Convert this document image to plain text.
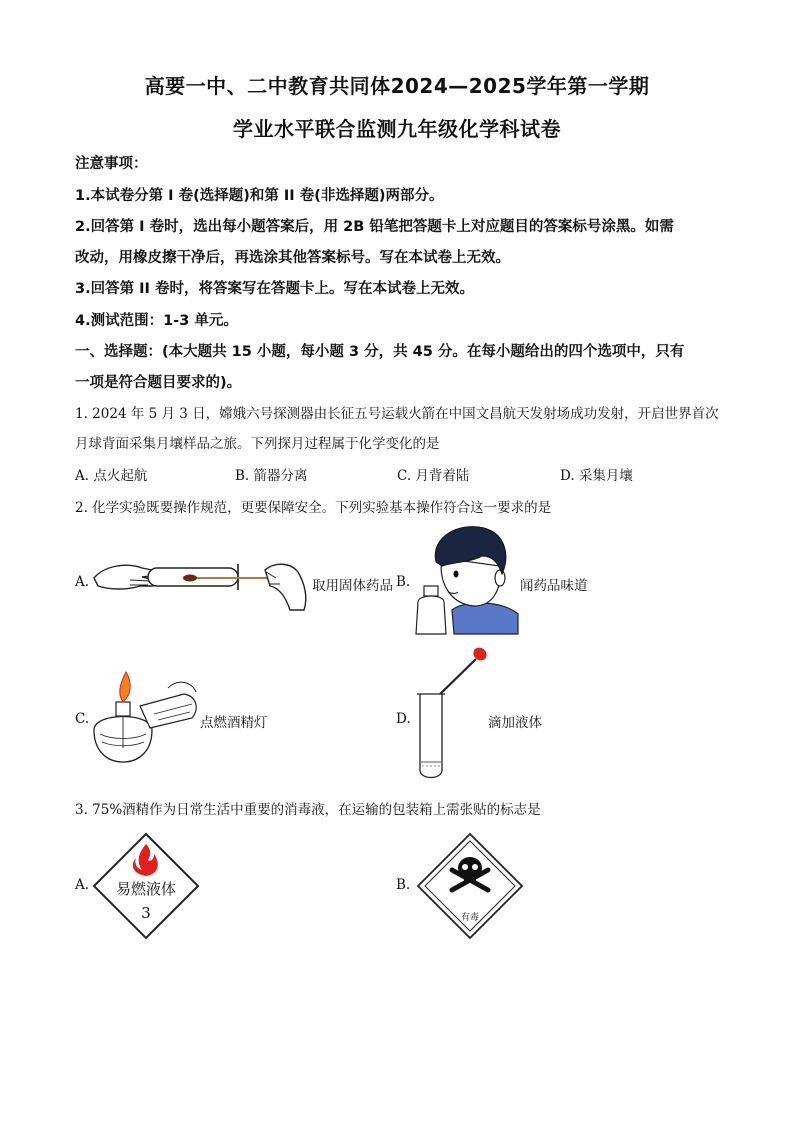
高要一中、二中教育共同体2024—2025学年第一学期
学业水平联合监测九年级化学科试卷
注意事项：
1.本试卷分第 I 卷(选择题)和第 II 卷(非选择题)两部分。
2.回答第 I 卷时，选出每小题答案后，用 2B 铅笔把答题卡上对应题目的答案标号涂黑。如需
改动，用橡皮擦干净后，再选涂其他答案标号。写在本试卷上无效。
3.回答第 II 卷时，将答案写在答题卡上。写在本试卷上无效。
4.测试范围：1-3 单元。
一、选择题：(本大题共 15 小题，每小题 3 分，共 45 分。在每小题给出的四个选项中，只有
一项是符合题目要求的)。
1. 2024 年 5 月 3 日，嫦娥六号探测器由长征五号运载火箭在中国文昌航天发射场成功发射，开启世界首次
月球背面采集月壤样品之旅。下列探月过程属于化学变化的是
A. 点火起航	B. 箭器分离	C. 月背着陆	D. 采集月壤
2. 化学实验既要操作规范，更要保障安全。下列实验基本操作符合这一要求的是
A.	取用固体药品 B.	闻药品味道
C.	点燃酒精灯	D.	滴加液体
3. 75%酒精作为日常生活中重要的消毒液，在运输的包装箱上需张贴的标志是
A.	易燃液体
3
B.
有毒
